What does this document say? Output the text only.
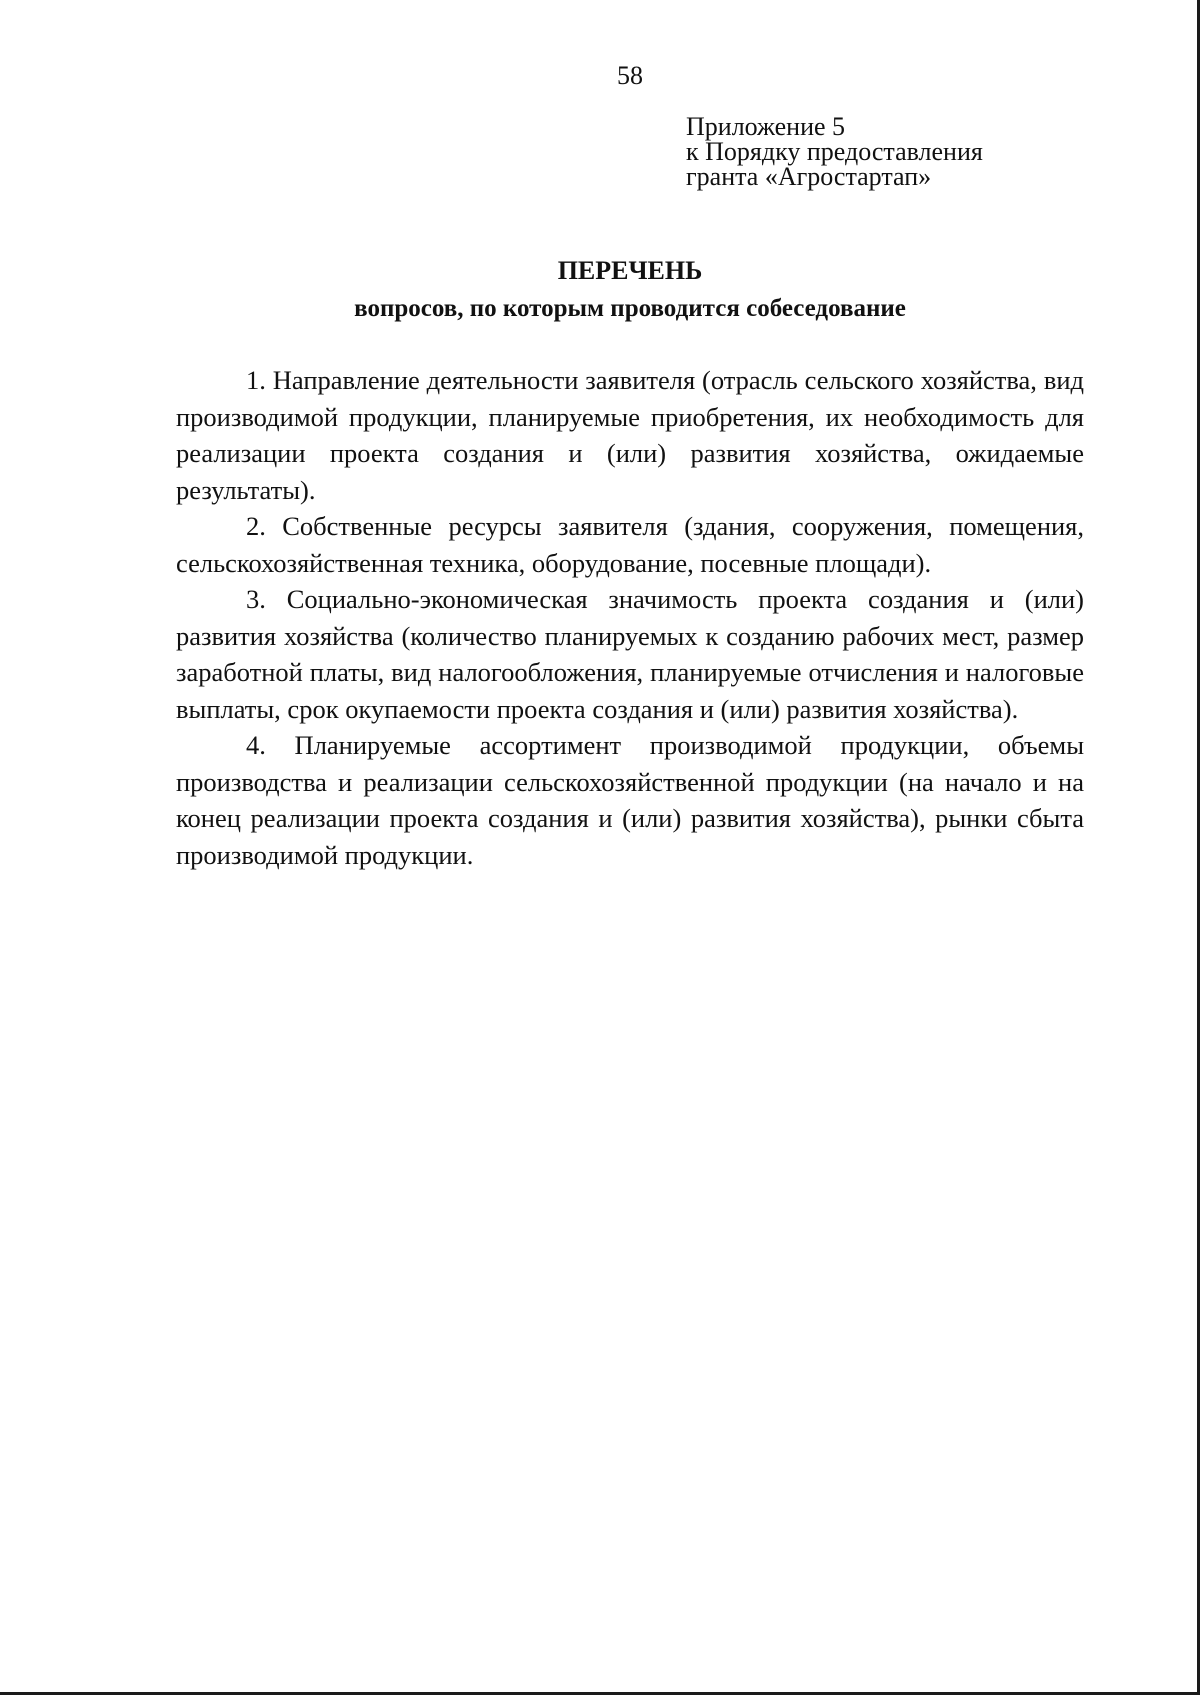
58
Приложение 5
к Порядку предоставления
гранта «Агростартап»
ПЕРЕЧЕНЬ
вопросов, по которым проводится собеседование

1. Направление деятельности заявителя (отрасль сельского хозяйства, вид производимой продукции, планируемые приобретения, их необходимость для реализации проекта создания и (или) развития хозяйства, ожидаемые результаты).

2. Собственные ресурсы заявителя (здания, сооружения, помещения, сельскохозяйственная техника, оборудование, посевные площади).

3. Социально-экономическая значимость проекта создания и (или) развития хозяйства (количество планируемых к созданию рабочих мест, размер заработной платы, вид налогообложения, планируемые отчисления и налоговые выплаты, срок окупаемости проекта создания и (или) развития хозяйства).

4. Планируемые ассортимент производимой продукции, объемы производства и реализации сельскохозяйственной продукции (на начало и на конец реализации проекта создания и (или) развития хозяйства), рынки сбыта производимой продукции.
